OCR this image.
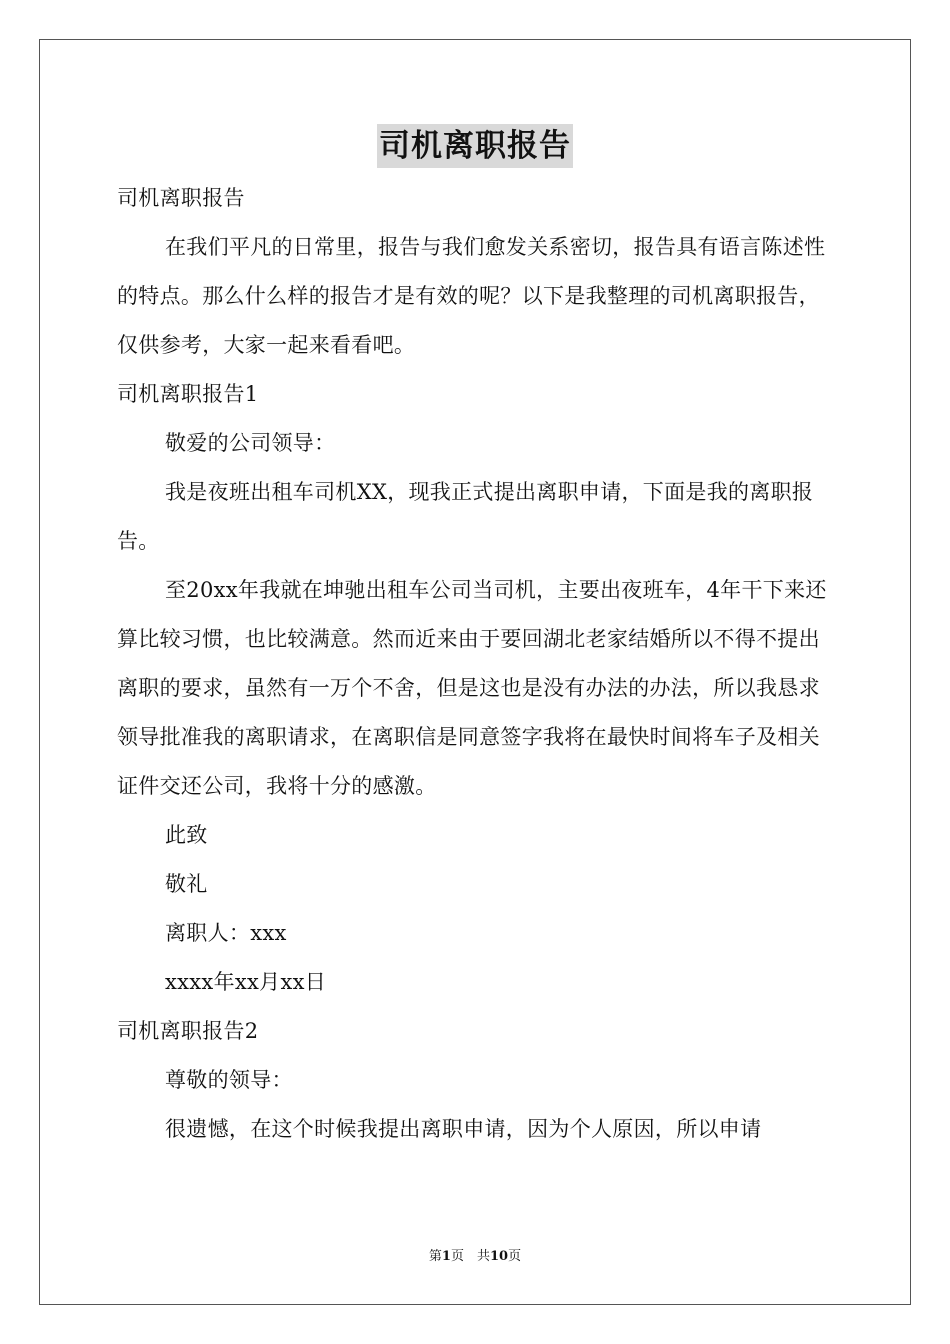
司机离职报告

司机离职报告

在我们平凡的日常里，报告与我们愈发关系密切，报告具有语言陈述性的特点。那么什么样的报告才是有效的呢？以下是我整理的司机离职报告，仅供参考，大家一起来看看吧。

司机离职报告1

敬爱的公司领导：

我是夜班出租车司机XX，现我正式提出离职申请，下面是我的离职报告。

至20xx年我就在坤驰出租车公司当司机，主要出夜班车，4年干下来还算比较习惯，也比较满意。然而近来由于要回湖北老家结婚所以不得不提出离职的要求，虽然有一万个不舍，但是这也是没有办法的办法，所以我恳求领导批准我的离职请求，在离职信是同意签字我将在最快时间将车子及相关证件交还公司，我将十分的感激。

此致

敬礼

离职人：xxx

xxxx年xx月xx日

司机离职报告2

尊敬的领导：

很遗憾，在这个时候我提出离职申请，因为个人原因，所以申请

第1页　共10页
